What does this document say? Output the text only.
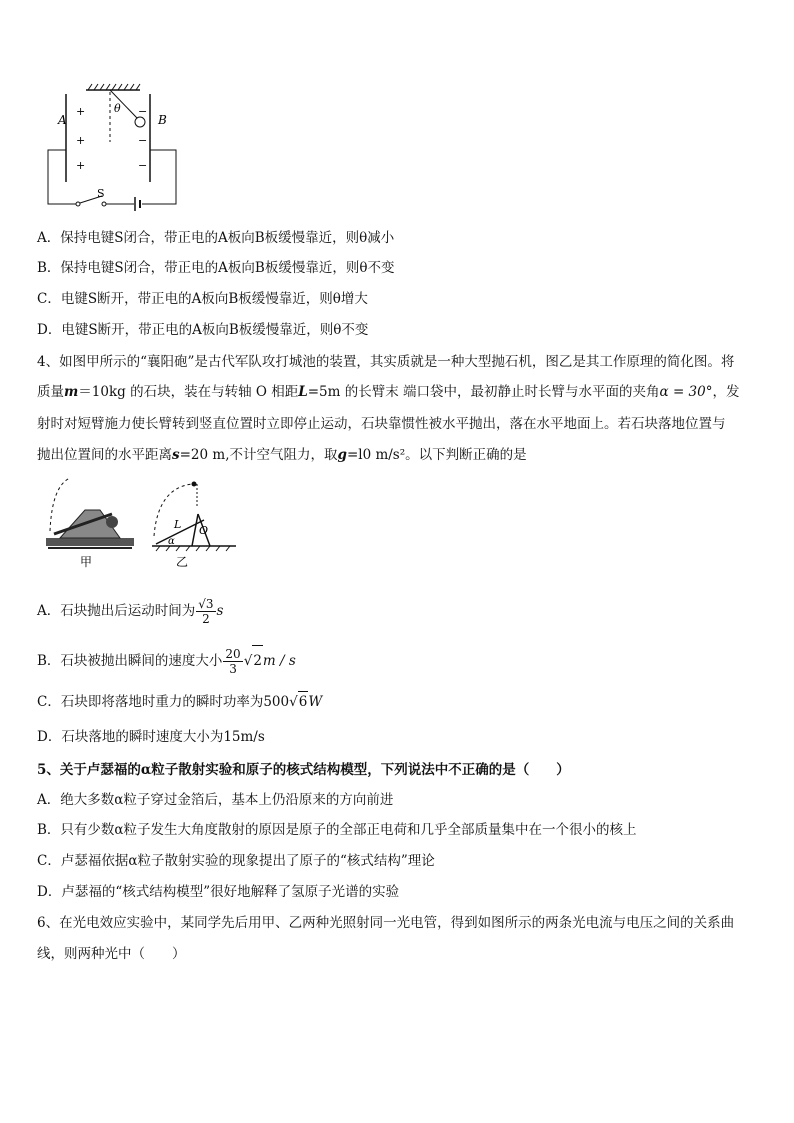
A	B
θ
+
+
+
−
−
−
S
A．保持电键S闭合，带正电的A板向B板缓慢靠近，则θ减小
B．保持电键S闭合，带正电的A板向B板缓慢靠近，则θ不变
C．电键S断开，带正电的A板向B板缓慢靠近，则θ增大
D．电键S断开，带正电的A板向B板缓慢靠近，则θ不变
4、如图甲所示的“襄阳砲”是古代军队攻打城池的装置，其实质就是一种大型抛石机，图乙是其工作原理的简化图。将
质量m＝10kg 的石块，装在与转轴 O 相距L=5m 的长臂末 端口袋中，最初静止时长臂与水平面的夹角α = 30°，发
射时对短臂施力使长臂转到竖直位置时立即停止运动，石块靠惯性被水平抛出，落在水平地面上。若石块落地位置与
抛出位置间的水平距离s=20 m,不计空气阻力，取g=l0 m/s²。以下判断正确的是
甲
L O
α
乙
A．石块抛出后运动时间为 $\frac{√3}{2}$ s
B．石块被抛出瞬间的速度大小 $\frac{20}{3} √2m$ / s
C．石块即将落地时重力的瞬时功率为500√6W
D．石块落地的瞬时速度大小为15m/s
5、关于卢瑟福的α粒子散射实验和原子的核式结构模型，下列说法中不正确的是（　　）
A．绝大多数α粒子穿过金箔后，基本上仍沿原来的方向前进
B．只有少数α粒子发生大角度散射的原因是原子的全部正电荷和几乎全部质量集中在一个很小的核上
C．卢瑟福依据α粒子散射实验的现象提出了原子的“核式结构”理论
D．卢瑟福的“核式结构模型”很好地解释了氢原子光谱的实验
6、在光电效应实验中，某同学先后用甲、乙两种光照射同一光电管，得到如图所示的两条光电流与电压之间的关系曲
线，则两种光中（　　）
